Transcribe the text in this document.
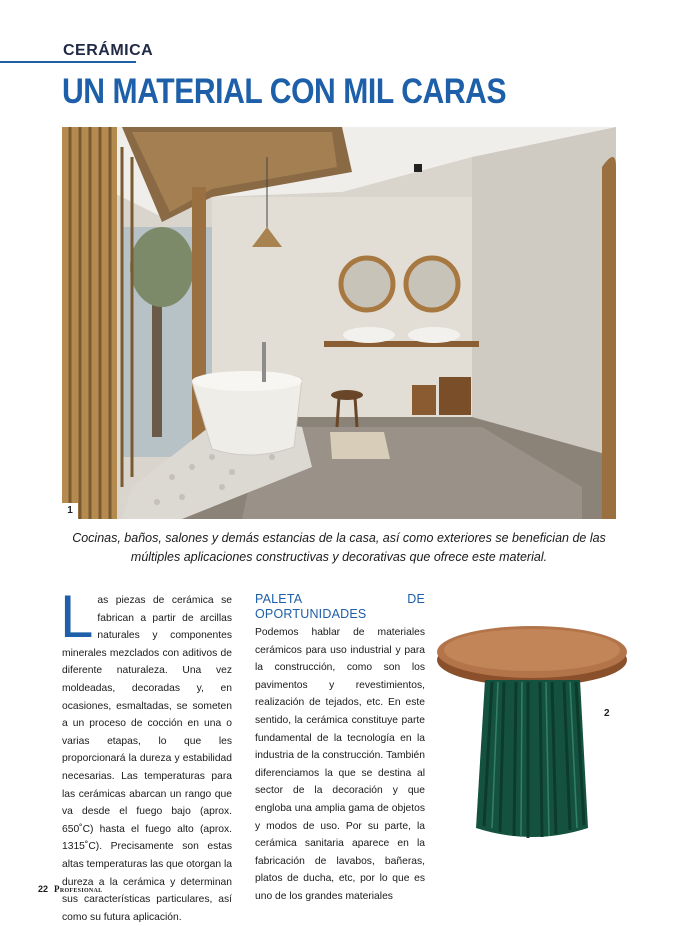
CERÁMICA
UN MATERIAL CON MIL CARAS
1
Cocinas, baños, salones y demás estancias de la casa, así como exteriores se benefician de las múltiples aplicaciones constructivas y decorativas que ofrece este material.
Las piezas de cerámica se fabrican a partir de arcillas naturales y componentes minerales mezclados con aditivos de diferente naturaleza. Una vez moldeadas, decoradas y, en ocasiones, esmaltadas, se someten a un proceso de cocción en una o varias etapas, lo que les proporcionará la dureza y estabilidad necesarias. Las temperaturas para las cerámicas abarcan un rango que va desde el fuego bajo (aprox. 650˚C) hasta el fuego alto (aprox. 1315˚C). Precisamente son estas altas temperaturas las que otorgan la dureza a la cerámica y determinan sus características particulares, así como su futura aplicación.
PALETA DE OPORTUNIDADES
Podemos hablar de materiales cerámicos para uso industrial y para la construcción, como son los pavimentos y revestimientos, realización de tejados, etc. En este sentido, la cerámica constituye parte fundamental de la tecnología en la industria de la construcción. También diferenciamos la que se destina al sector de la decoración y que engloba una amplia gama de objetos y modos de uso. Por su parte, la cerámica sanitaria aparece en la fabricación de lavabos, bañeras, platos de ducha, etc, por lo que es uno de los grandes materiales
2
22 Profesional
